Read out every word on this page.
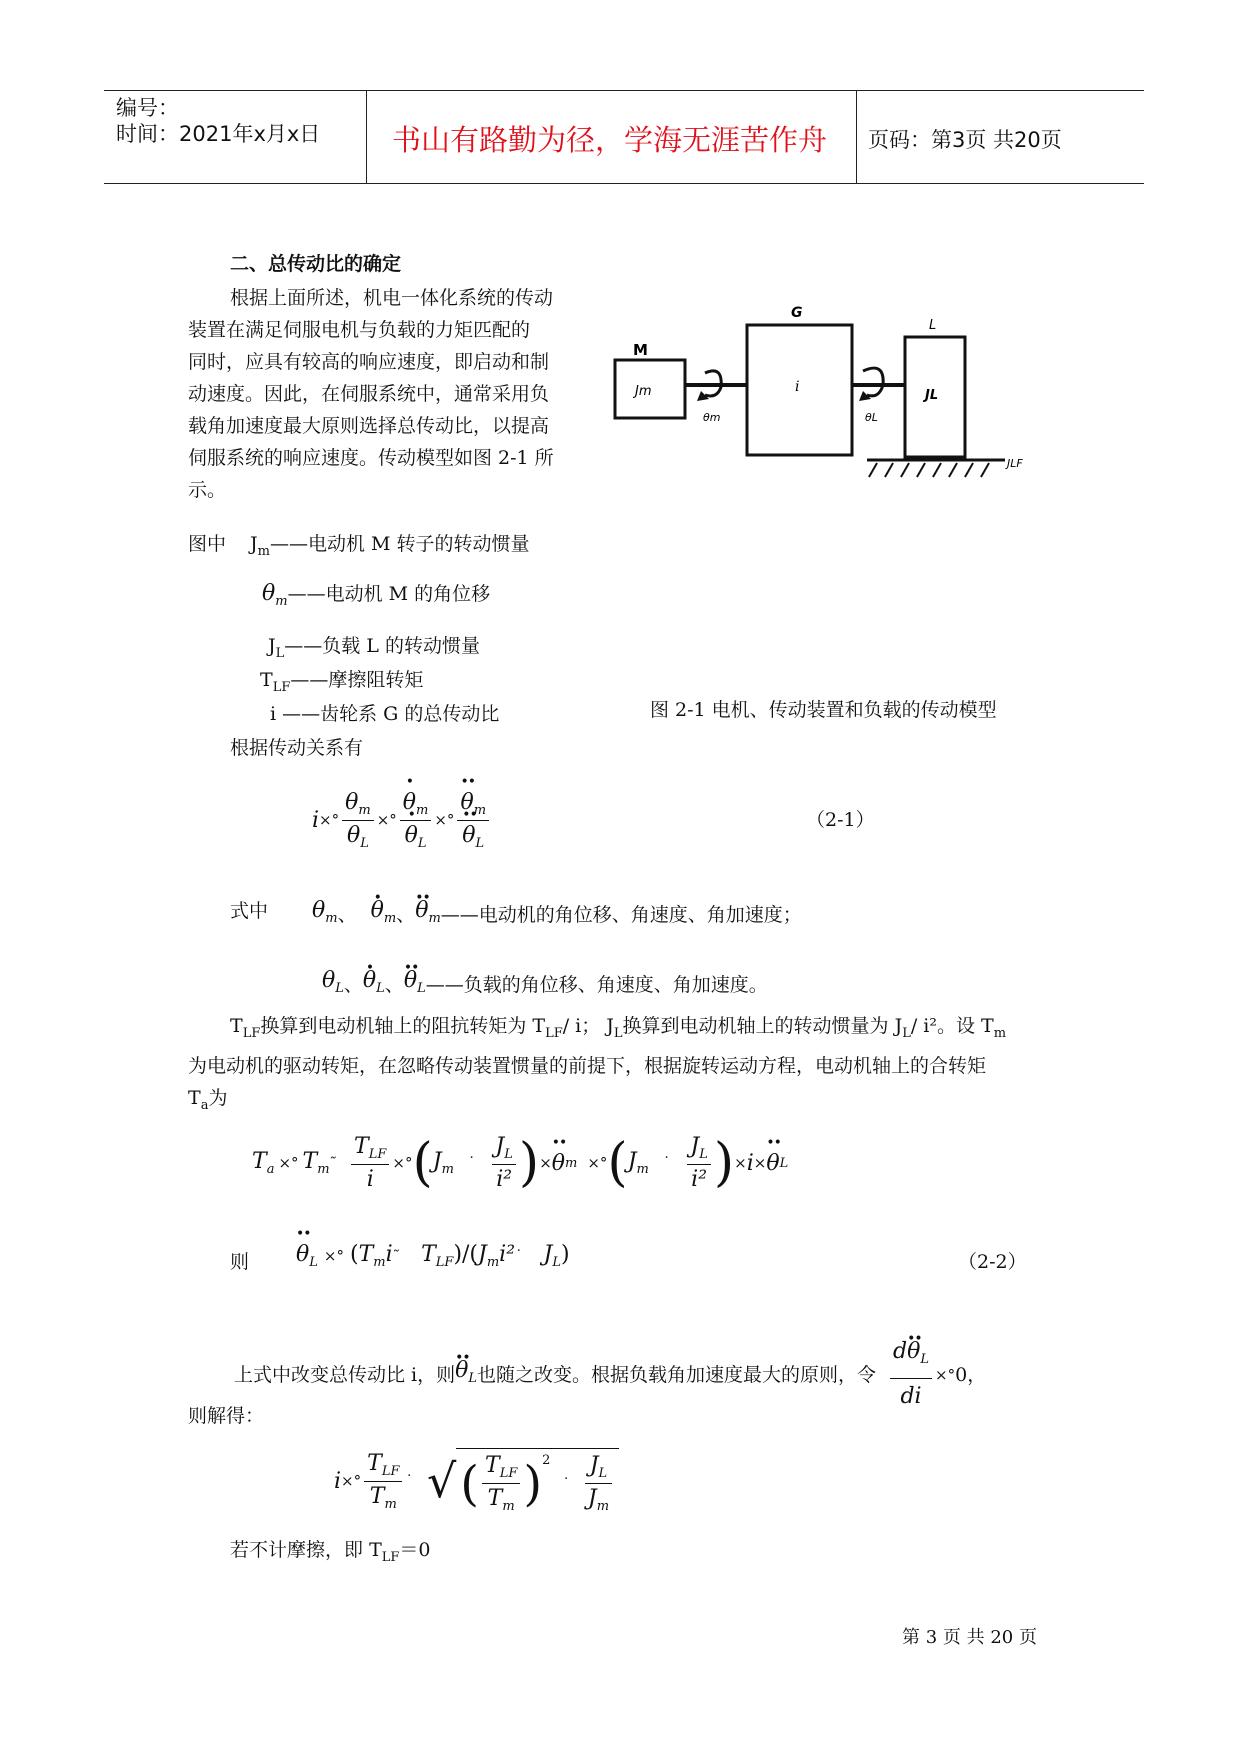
编号：
时间：2021年x月x日 书山有路勤为径，学海无涯苦作舟 页码：第3页 共20页
二、总传动比的确定
根据上面所述，机电一体化系统的传动
装置在满足伺服电机与负载的力矩匹配的
同时，应具有较高的响应速度，即启动和制
动速度。因此，在伺服系统中，通常采用负
载角加速度最大原则选择总传动比，以提高
伺服系统的响应速度。传动模型如图 2-1 所
示。
M
Jm
G
i
L
JL
θm	θL
JLF
图 2-1 电机、传动装置和负载的传动模型
图中 $J_m——$电动机 M 转子的转动惯量
$\theta_m——$电动机 M 的角位移
$J_L——$负载 L 的转动惯量
$T_{LF}——$摩擦阻转矩
i ——齿轮系 G 的总传动比
根据传动关系有
i ×° $\frac{\theta_m}{\theta_L}$ ×° • $\theta_m$
• $\theta_L$ ×° •• $\theta_m$
•• $\theta_L$	（2-1）
式中 $\theta_m$ 、 • $\theta_m$ 、 •• $\theta_m$ ——电动机的角位移、角速度、角加速度；
$\theta_L$ 、 • $\theta_L$ 、 •• $\theta_L$ ——负载的角位移、角速度、角加速度。
$T_{LF}$换算到电动机轴上的阻抗转矩为 $T_{LF}/$ i； $J_L$换算到电动机轴上的转动惯量为 $J_L/$ i²。设 $T_m$
为电动机的驱动转矩，在忽略传动装置惯量的前提下，根据旋转运动方程，电动机轴上的合转矩
$T_a$为
$T_a$ ×° $T_m$ ˜ $\frac{T_{LF}}{i}$ ×° ( $J_m$ ˙ $\frac{J_L}{\text{i²}}$ ) × •• θ m ×° ( $J_m$ ˙ $\frac{J_L}{\text{i²}}$ ) × i × •• θ L
则 •• $\theta_L$ ×° ($T_mi˜$   $T_{LF})/(J_mi^2˙$   $J_L$)	（2-2）
上式中改变总传动比 i，则 •• $\theta_L$ 也随之改变。根据负载角加速度最大的原则，令 $\frac{d•• \theta_L}{di}$ ×° 0 ，
则解得：
i ×° $\frac{T_{LF}}{T_m}$ ˙ √ ( $\frac{T_{LF}}{T_m}$ ) 2
˙ $\frac{J_L}{J_m}$
若不计摩擦，即 $T_{LF}=0$
第 3 页 共 20 页
